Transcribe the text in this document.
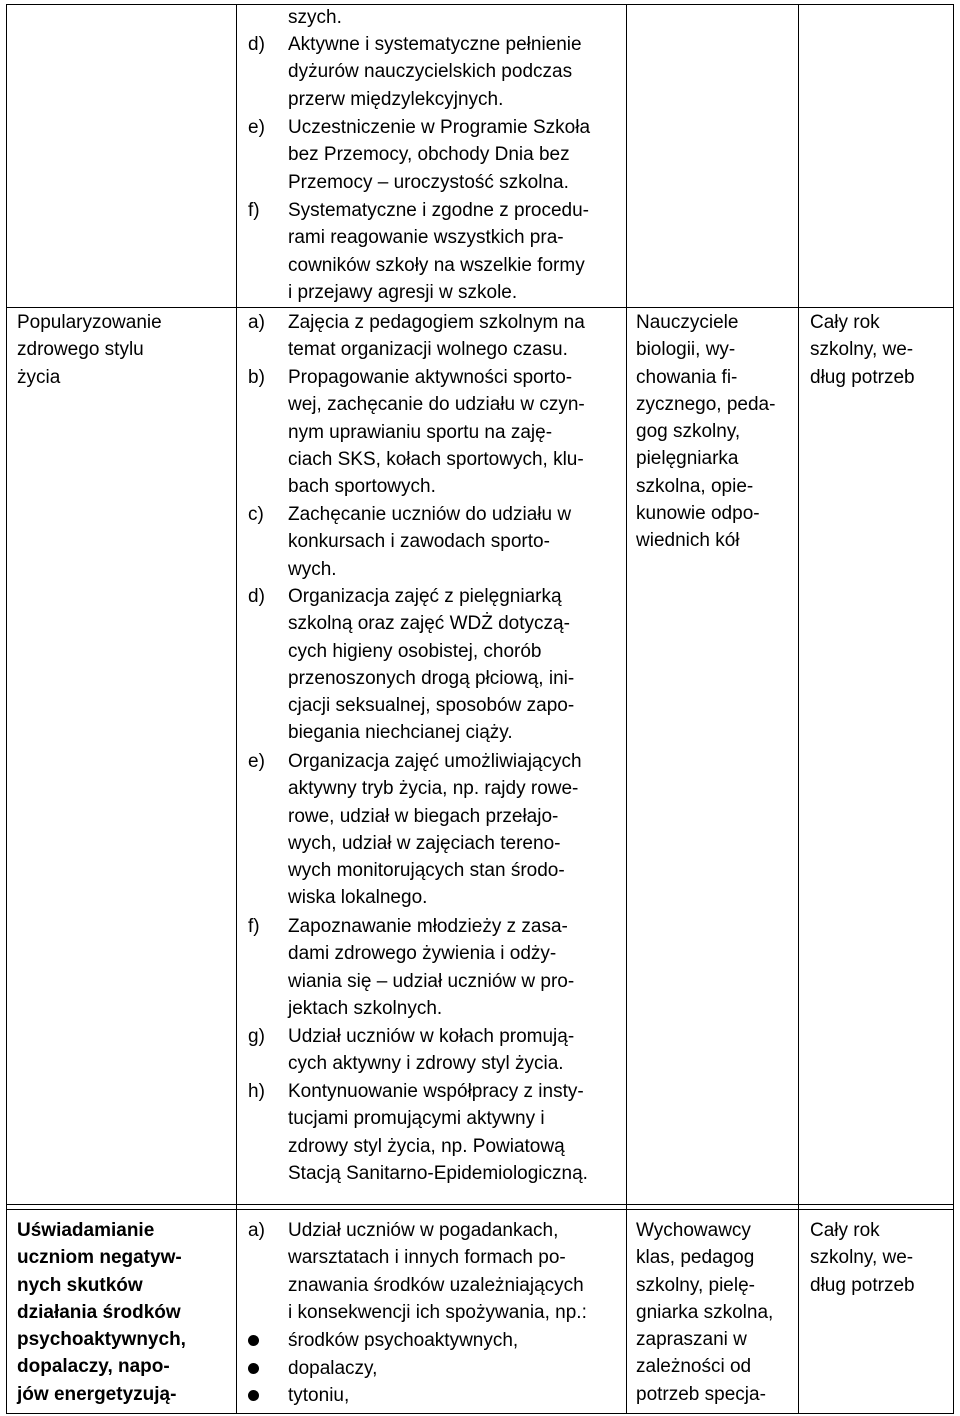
szych.
d) Aktywne i systematyczne pełnienie
dyżurów nauczycielskich podczas
przerw międzylekcyjnych.
e) Uczestniczenie w Programie Szkoła
bez Przemocy, obchody Dnia bez
Przemocy – uroczystość szkolna.
f) Systematyczne i zgodne z procedu-
rami reagowanie wszystkich pra-
cowników szkoły na wszelkie formy
i przejawy agresji w szkole.
Popularyzowanie
zdrowego stylu
życia
a) Zajęcia z pedagogiem szkolnym na
temat organizacji wolnego czasu.
b) Propagowanie aktywności sporto-
wej, zachęcanie do udziału w czyn-
nym uprawianiu sportu na zaję-
ciach SKS, kołach sportowych, klu-
bach sportowych.
c) Zachęcanie uczniów do udziału w
konkursach i zawodach sporto-
wych.
d) Organizacja zajęć z pielęgniarką
szkolną oraz zajęć WDŻ dotyczą-
cych higieny osobistej, chorób
przenoszonych drogą płciową, ini-
cjacji seksualnej, sposobów zapo-
biegania niechcianej ciąży.
e) Organizacja zajęć umożliwiających
aktywny tryb życia, np. rajdy rowe-
rowe, udział w biegach przełajo-
wych, udział w zajęciach tereno-
wych monitorujących stan środo-
wiska lokalnego.
f) Zapoznawanie młodzieży z zasa-
dami zdrowego żywienia i odży-
wiania się – udział uczniów w pro-
jektach szkolnych.
g) Udział uczniów w kołach promują-
cych aktywny i zdrowy styl życia.
h) Kontynuowanie współpracy z insty-
tucjami promującymi aktywny i
zdrowy styl życia, np. Powiatową
Stacją Sanitarno-Epidemiologiczną.
Nauczyciele
biologii, wy-
chowania fi-
zycznego, peda-
gog szkolny,
pielęgniarka
szkolna, opie-
kunowie odpo-
wiednich kół
Cały rok
szkolny, we-
dług potrzeb
Uświadamianie
uczniom negatyw-
nych skutków
działania środków
psychoaktywnych,
dopalaczy, napo-
jów energetyzują-
a) Udział uczniów w pogadankach,
warsztatach i innych formach po-
znawania środków uzależniających
i konsekwencji ich spożywania, np.:
środków psychoaktywnych,
dopalaczy,
tytoniu,
Wychowawcy
klas, pedagog
szkolny, pielę-
gniarka szkolna,
zapraszani w
zależności od
potrzeb specja-
Cały rok
szkolny, we-
dług potrzeb
